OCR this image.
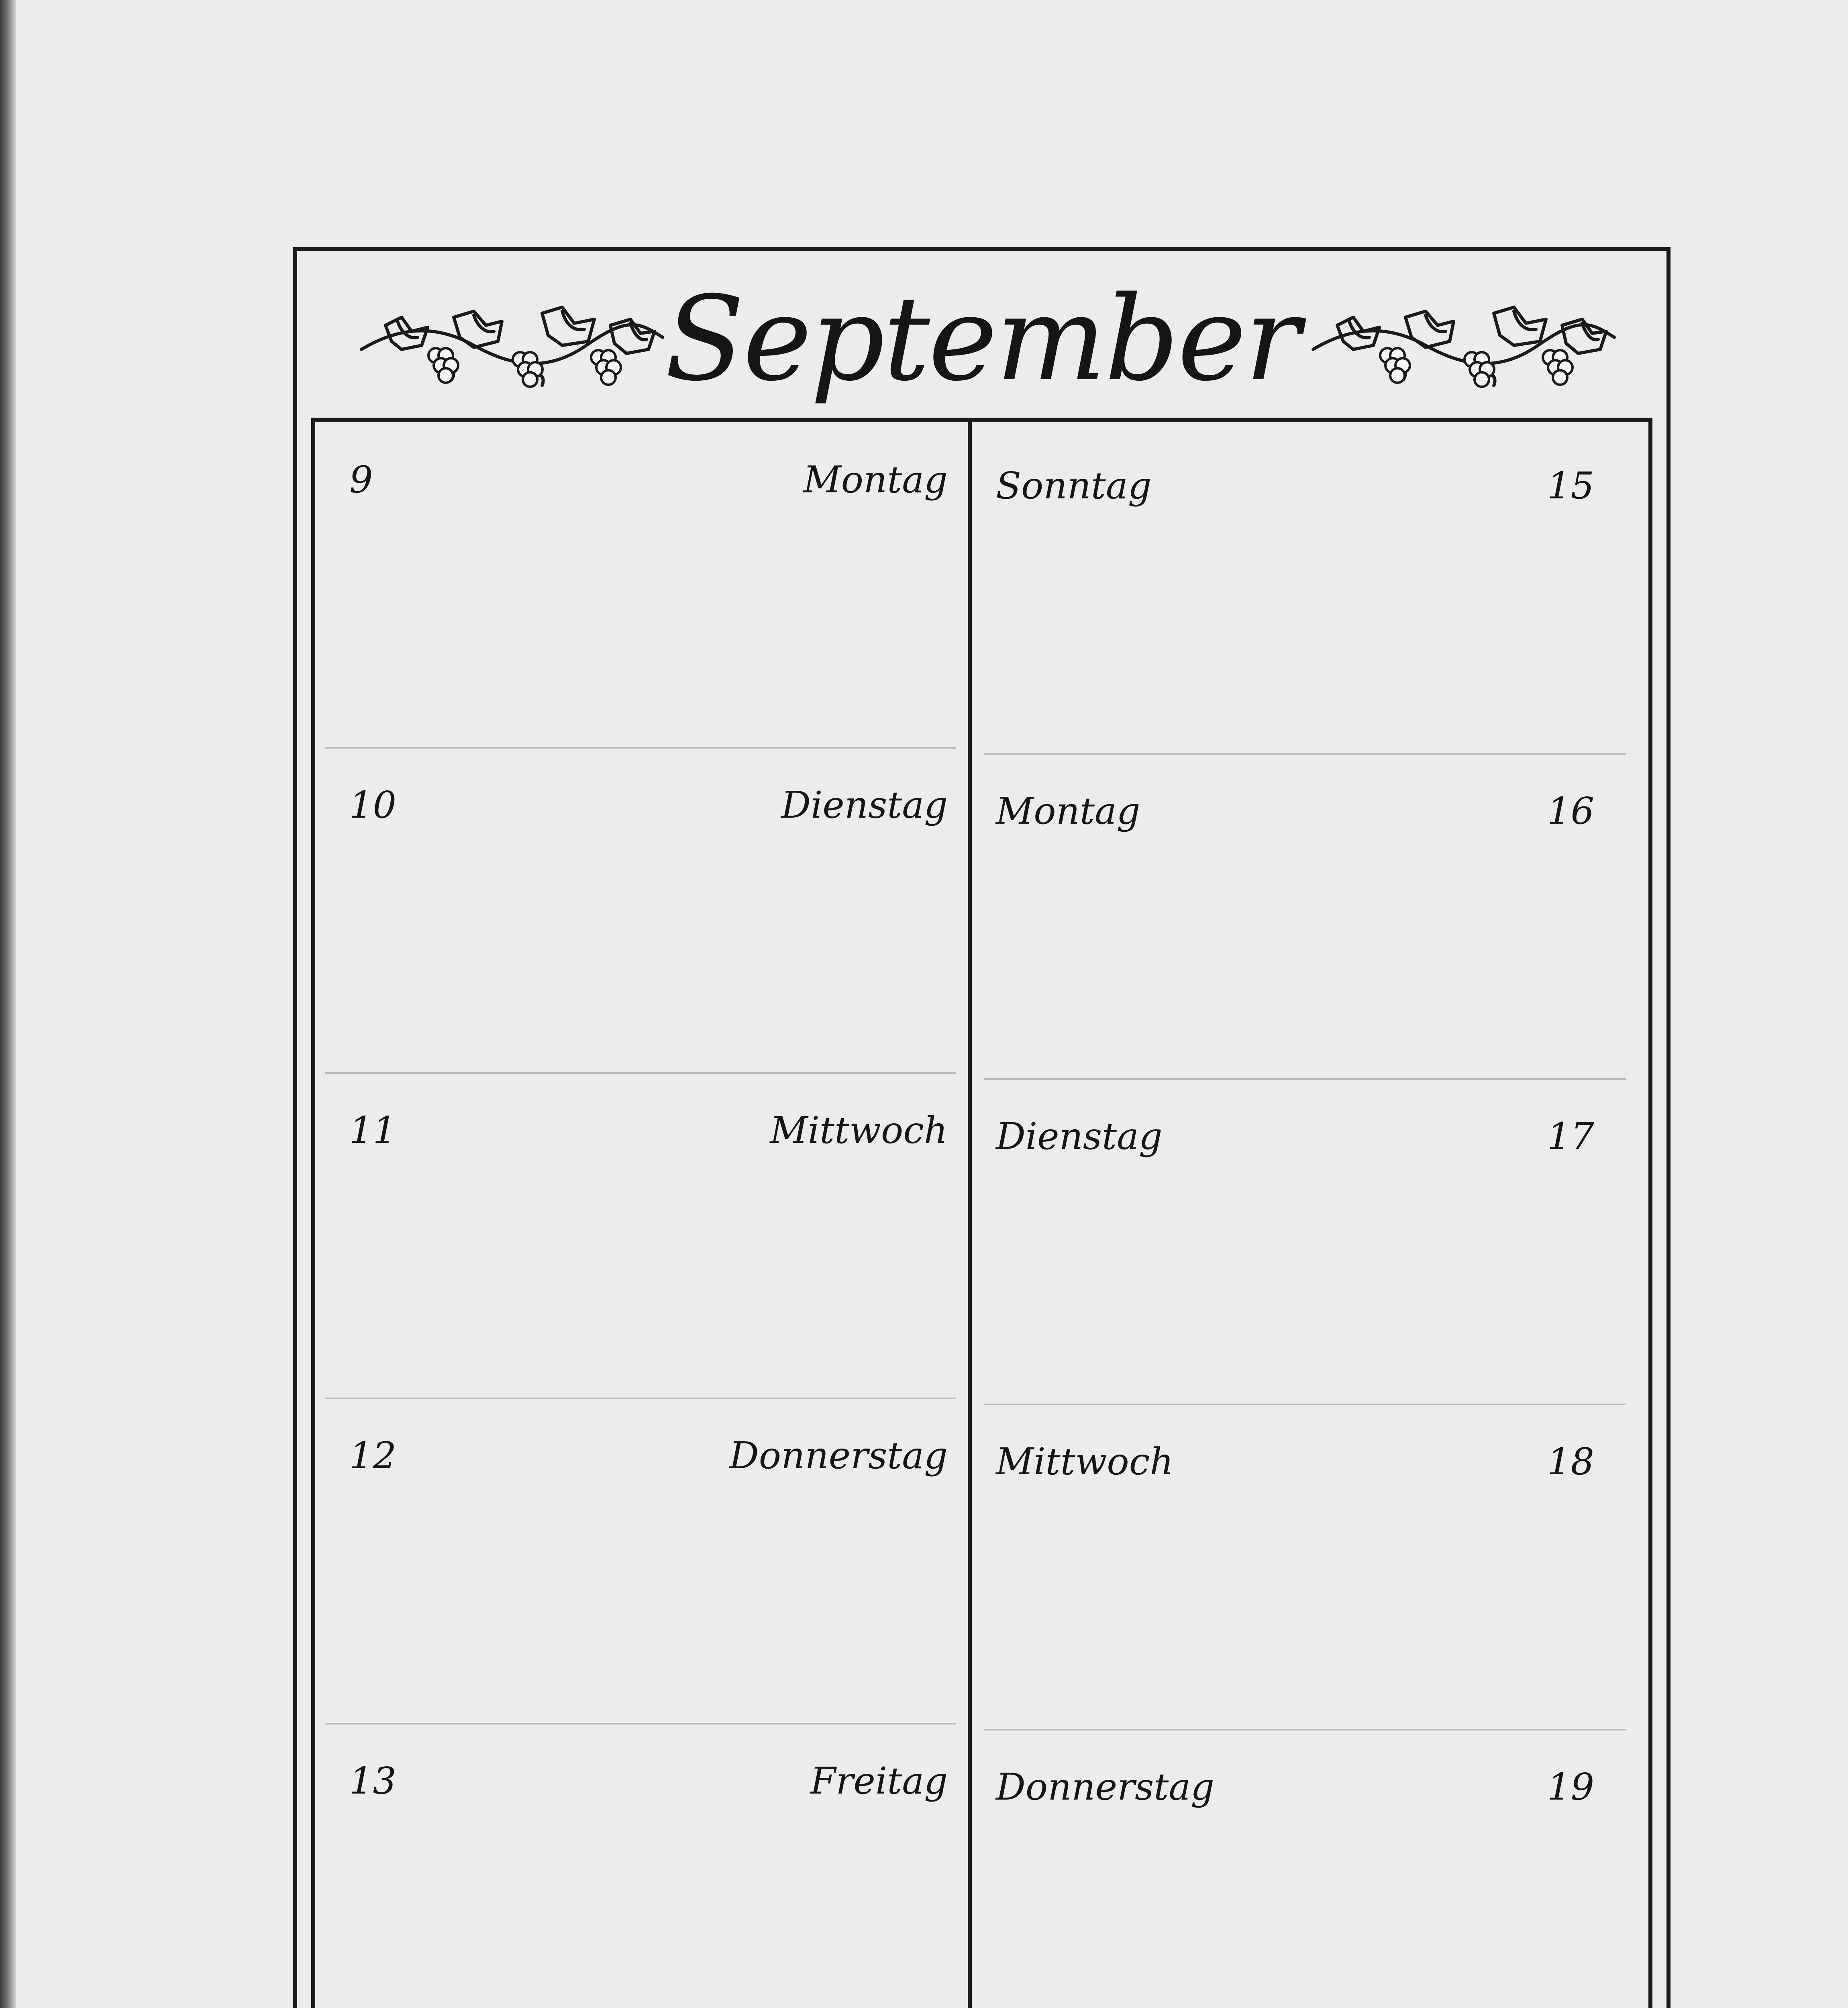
September
9	Montag
10	Dienstag
11	Mittwoch
12	Donnerstag
13	Freitag
Sonntag	15
Montag	16
Dienstag	17
Mittwoch	18
Donnerstag	19
